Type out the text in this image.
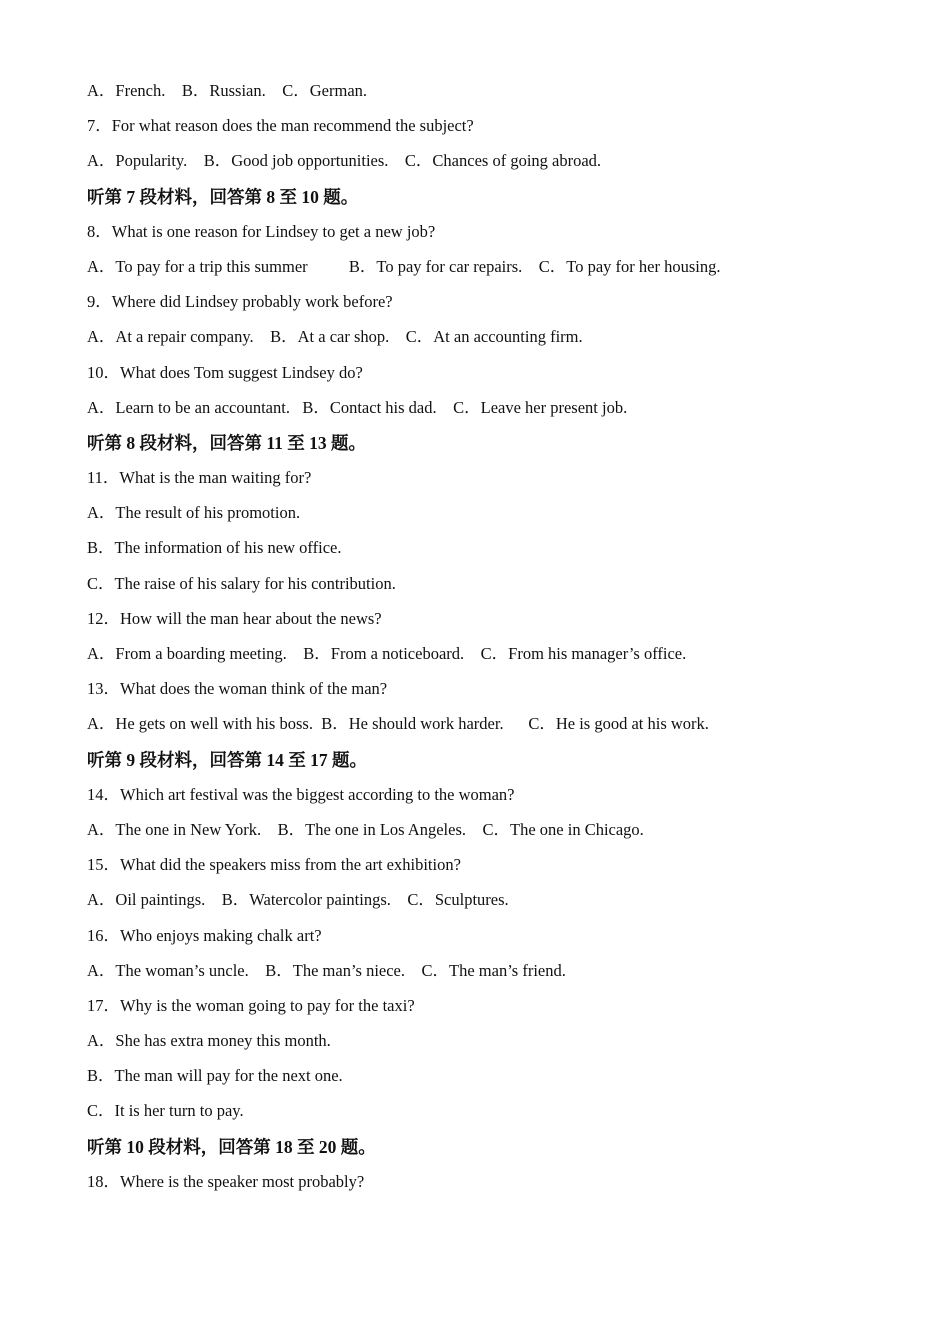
A．French.    B．Russian.    C．German.
7．For what reason does the man recommend the subject?
A．Popularity.    B．Good job opportunities.    C．Chances of going abroad.
听第 7 段材料，回答第 8 至 10 题。
8．What is one reason for Lindsey to get a new job?
A．To pay for a trip this summer          B．To pay for car repairs.    C．To pay for her housing.
9．Where did Lindsey probably work before?
A．At a repair company.    B．At a car shop.    C．At an accounting firm.
10．What does Tom suggest Lindsey do?
A．Learn to be an accountant.   B．Contact his dad.    C．Leave her present job.
听第 8 段材料，回答第 11 至 13 题。
11．What is the man waiting for?
A．The result of his promotion.
B．The information of his new office.
C．The raise of his salary for his contribution.
12．How will the man hear about the news?
A．From a boarding meeting.    B．From a noticeboard.    C．From his manager’s office.
13．What does the woman think of the man?
A．He gets on well with his boss.  B．He should work harder.      C．He is good at his work.
听第 9 段材料，回答第 14 至 17 题。
14．Which art festival was the biggest according to the woman?
A．The one in New York.    B．The one in Los Angeles.    C．The one in Chicago.
15．What did the speakers miss from the art exhibition?
A．Oil paintings.    B．Watercolor paintings.    C．Sculptures.
16．Who enjoys making chalk art?
A．The woman’s uncle.    B．The man’s niece.    C．The man’s friend.
17．Why is the woman going to pay for the taxi?
A．She has extra money this month.
B．The man will pay for the next one.
C．It is her turn to pay.
听第 10 段材料，回答第 18 至 20 题。
18．Where is the speaker most probably?
